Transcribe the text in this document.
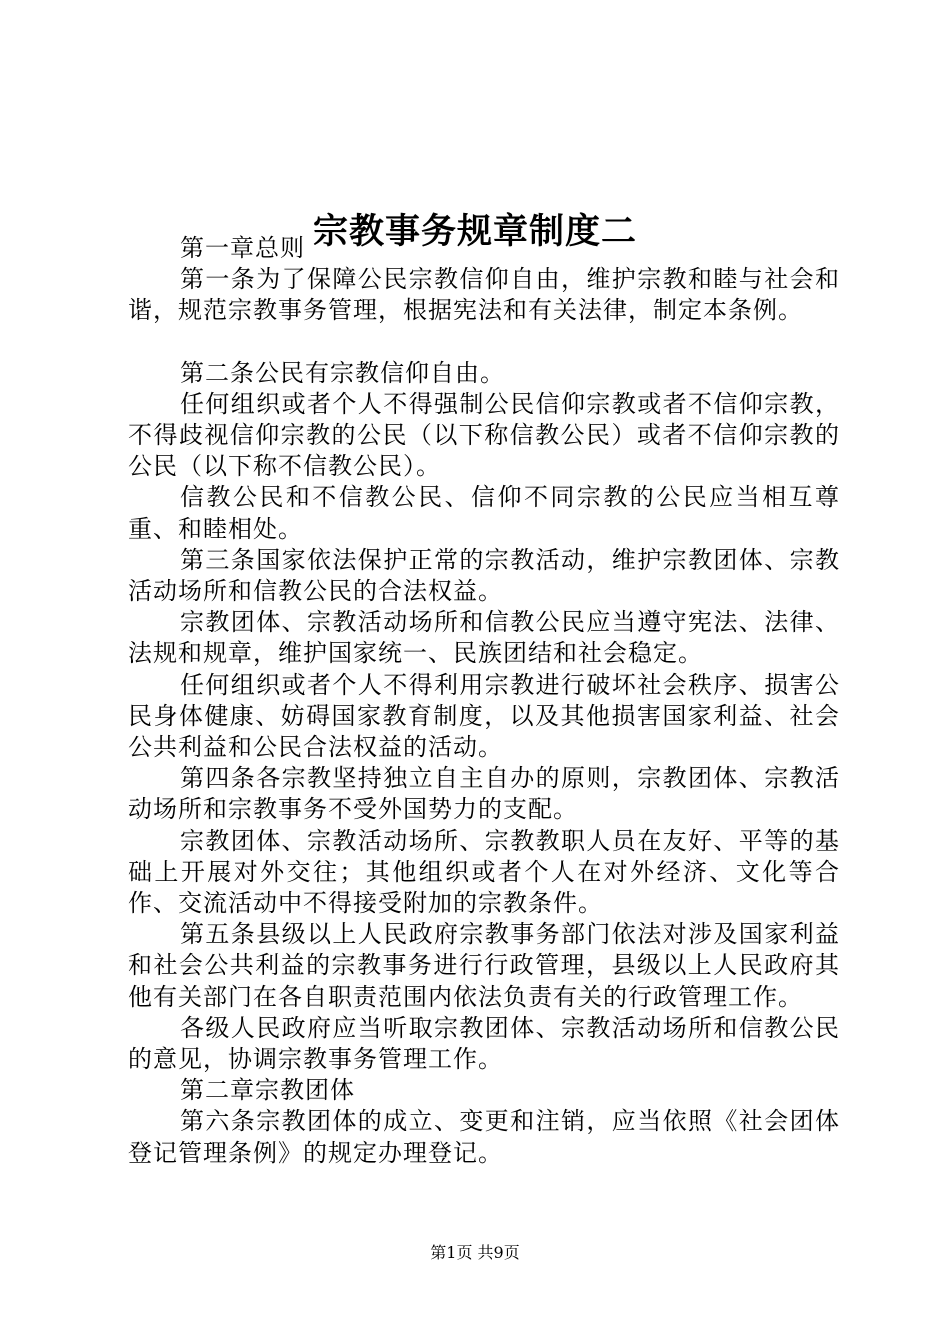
宗教事务规章制度二

第一章总则

第一条为了保障公民宗教信仰自由，维护宗教和睦与社会和谐，规范宗教事务管理，根据宪法和有关法律，制定本条例。

第二条公民有宗教信仰自由。

任何组织或者个人不得强制公民信仰宗教或者不信仰宗教，不得歧视信仰宗教的公民（以下称信教公民）或者不信仰宗教的公民（以下称不信教公民）。

信教公民和不信教公民、信仰不同宗教的公民应当相互尊重、和睦相处。

第三条国家依法保护正常的宗教活动，维护宗教团体、宗教活动场所和信教公民的合法权益。

宗教团体、宗教活动场所和信教公民应当遵守宪法、法律、法规和规章，维护国家统一、民族团结和社会稳定。

任何组织或者个人不得利用宗教进行破坏社会秩序、损害公民身体健康、妨碍国家教育制度，以及其他损害国家利益、社会公共利益和公民合法权益的活动。

第四条各宗教坚持独立自主自办的原则，宗教团体、宗教活动场所和宗教事务不受外国势力的支配。

宗教团体、宗教活动场所、宗教教职人员在友好、平等的基础上开展对外交往；其他组织或者个人在对外经济、文化等合作、交流活动中不得接受附加的宗教条件。

第五条县级以上人民政府宗教事务部门依法对涉及国家利益和社会公共利益的宗教事务进行行政管理，县级以上人民政府其他有关部门在各自职责范围内依法负责有关的行政管理工作。

各级人民政府应当听取宗教团体、宗教活动场所和信教公民的意见，协调宗教事务管理工作。

第二章宗教团体

第六条宗教团体的成立、变更和注销，应当依照《社会团体登记管理条例》的规定办理登记。

第1页 共9页
